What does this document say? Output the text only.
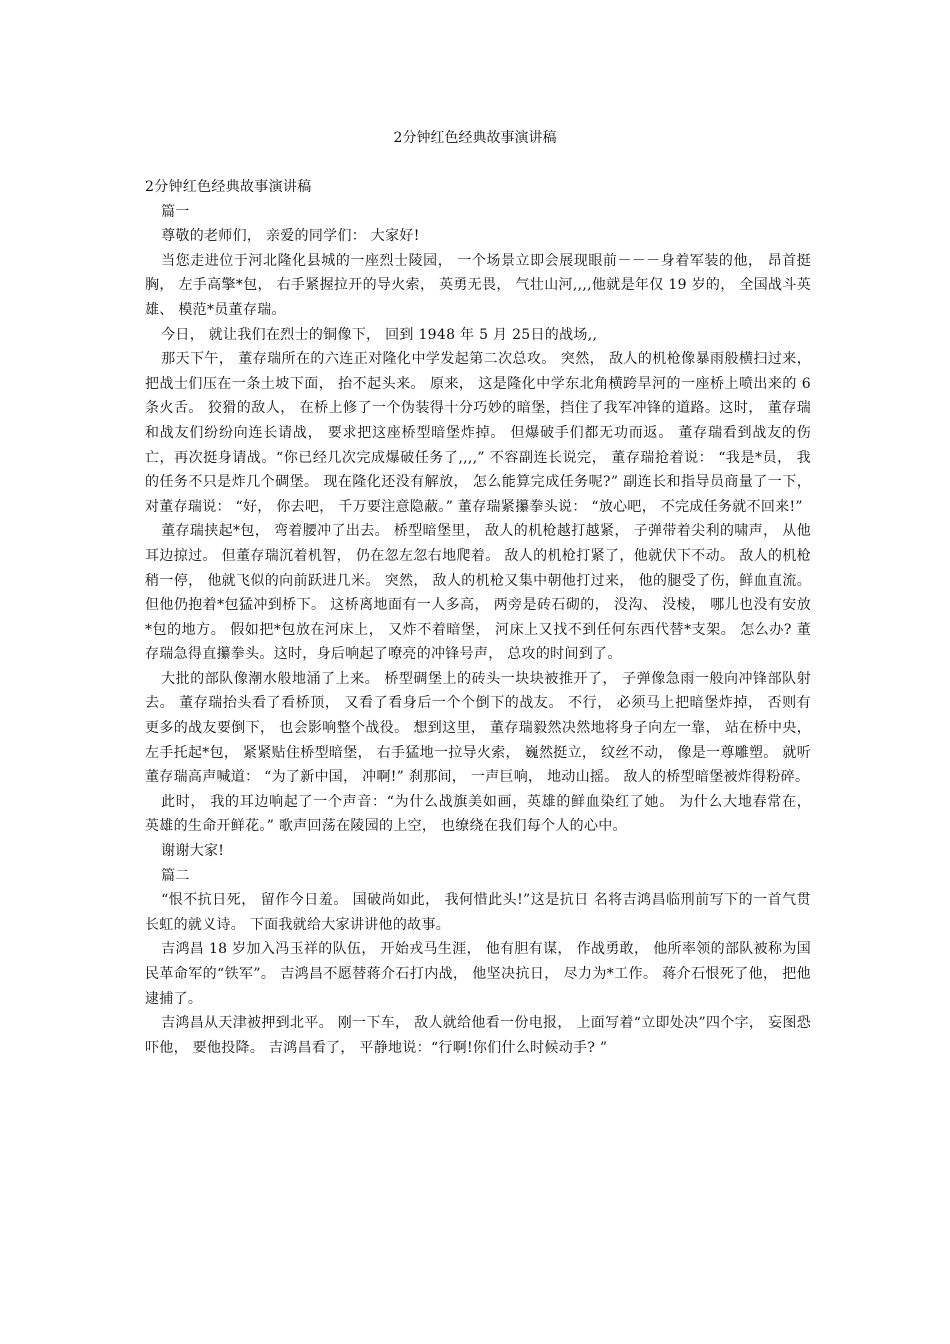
2分钟红色经典故事演讲稿

2分钟红色经典故事演讲稿

篇一

尊敬的老师们， 亲爱的同学们： 大家好!

当您走进位于河北隆化县城的一座烈士陵园， 一个场景立即会展现眼前－－－身着军装的他， 昂首挺胸， 左手高擎*包， 右手紧握拉开的导火索， 英勇无畏， 气壮山河,,,,他就是年仅 19 岁的， 全国战斗英雄、 模范*员董存瑞。

今日， 就让我们在烈士的铜像下， 回到 1948 年 5 月 25日的战场,,

那天下午， 董存瑞所在的六连正对隆化中学发起第二次总攻。 突然， 敌人的机枪像暴雨般横扫过来， 把战士们压在一条土坡下面， 抬不起头来。 原来， 这是隆化中学东北角横跨旱河的一座桥上喷出来的 6 条火舌。 狡猾的敌人， 在桥上修了一个伪装得十分巧妙的暗堡，挡住了我军冲锋的道路。这时， 董存瑞和战友们纷纷向连长请战， 要求把这座桥型暗堡炸掉。 但爆破手们都无功而返。 董存瑞看到战友的伤亡，再次挺身请战。“你已经几次完成爆破任务了,,,,” 不容副连长说完， 董存瑞抢着说： “我是*员， 我的任务不只是炸几个碉堡。 现在隆化还没有解放， 怎么能算完成任务呢?” 副连长和指导员商量了一下， 对董存瑞说： “好， 你去吧， 千万要注意隐蔽。” 董存瑞紧攥拳头说： “放心吧， 不完成任务就不回来!”

董存瑞挟起*包， 弯着腰冲了出去。 桥型暗堡里， 敌人的机枪越打越紧， 子弹带着尖利的啸声， 从他耳边掠过。 但董存瑞沉着机智， 仍在忽左忽右地爬着。 敌人的机枪打紧了，他就伏下不动。 敌人的机枪稍一停， 他就飞似的向前跃进几米。 突然， 敌人的机枪又集中朝他打过来， 他的腿受了伤，鲜血直流。 但他仍抱着*包猛冲到桥下。 这桥离地面有一人多高， 两旁是砖石砌的， 没沟、 没棱， 哪儿也没有安放*包的地方。 假如把*包放在河床上， 又炸不着暗堡， 河床上又找不到任何东西代替*支架。 怎么办? 董存瑞急得直攥拳头。这时，身后响起了嘹亮的冲锋号声， 总攻的时间到了。

大批的部队像潮水般地涌了上来。 桥型碉堡上的砖头一块块被推开了， 子弹像急雨一般向冲锋部队射去。 董存瑞抬头看了看桥顶， 又看了看身后一个个倒下的战友。 不行， 必须马上把暗堡炸掉， 否则有更多的战友要倒下， 也会影响整个战役。 想到这里， 董存瑞毅然决然地将身子向左一靠， 站在桥中央， 左手托起*包， 紧紧贴住桥型暗堡， 右手猛地一拉导火索， 巍然挺立， 纹丝不动， 像是一尊雕塑。 就听董存瑞高声喊道： “为了新中国， 冲啊!” 刹那间， 一声巨响， 地动山摇。 敌人的桥型暗堡被炸得粉碎。

此时， 我的耳边响起了一个声音：“为什么战旗美如画，英雄的鲜血染红了她。 为什么大地春常在， 英雄的生命开鲜花。” 歌声回荡在陵园的上空， 也缭绕在我们每个人的心中。

谢谢大家!

篇二

“恨不抗日死， 留作今日羞。 国破尚如此， 我何惜此头!”这是抗日 名将吉鸿昌临刑前写下的一首气贯长虹的就义诗。 下面我就给大家讲讲他的故事。

吉鸿昌 18 岁加入冯玉祥的队伍， 开始戎马生涯， 他有胆有谋， 作战勇敢， 他所率领的部队被称为国民革命军的“铁军”。 吉鸿昌不愿替蒋介石打内战， 他坚决抗日， 尽力为*工作。 蒋介石恨死了他， 把他逮捕了。

吉鸿昌从天津被押到北平。 刚一下车， 敌人就给他看一份电报， 上面写着“立即处决”四个字， 妄图恐吓他， 要他投降。 吉鸿昌看了， 平静地说：“行啊!你们什么时候动手? ”
